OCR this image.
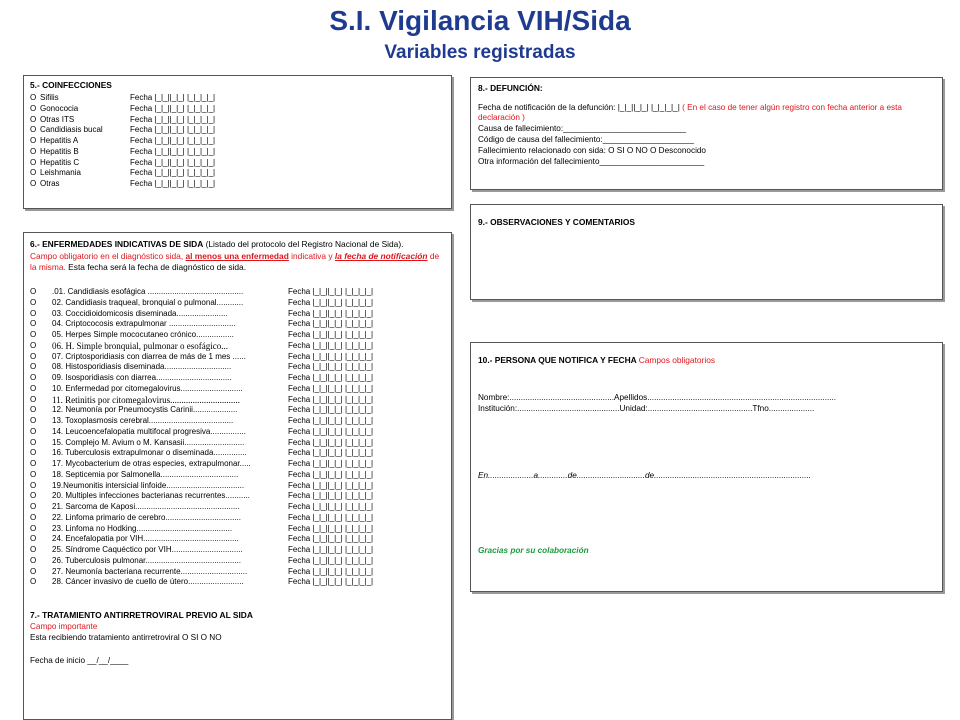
S.I. Vigilancia VIH/Sida
Variables registradas
5.- COINFECCIONES
O Sifilis	Fecha |_|_||_|_| |_|_|_|_|
O Gonococia	Fecha |_|_||_|_| |_|_|_|_|
O Otras ITS	Fecha |_|_||_|_| |_|_|_|_|
O Candidiasis bucal	Fecha |_|_||_|_| |_|_|_|_|
O Hepatitis A	Fecha |_|_||_|_| |_|_|_|_|
O Hepatitis B	Fecha |_|_||_|_| |_|_|_|_|
O Hepatitis C	Fecha |_|_||_|_| |_|_|_|_|
O Leishmania	Fecha |_|_||_|_| |_|_|_|_|
O Otras	Fecha |_|_||_|_| |_|_|_|_|
6.- ENFERMEDADES INDICATIVAS DE SIDA (Listado del protocolo del Registro Nacional de Sida).
Campo obligatorio en el diagnóstico sida, al menos una enfermedad indicativa y la fecha de notificación de la misma. Esta fecha será la fecha de diagnóstico de sida.
O	.01. Candidiasis esofágica ...........................................	Fecha |_|_||_|_| |_|_|_|_|
O	02. Candidiasis traqueal, bronquial o pulmonal............	Fecha |_|_||_|_| |_|_|_|_|
O	03. Coccidioidomicosis diseminada.......................	Fecha |_|_||_|_| |_|_|_|_|
O	04. Criptococosis extrapulmonar ..............................	Fecha |_|_||_|_| |_|_|_|_|
O	05. Herpes Simple mococutaneo crónico.................	Fecha |_|_||_|_| |_|_|_|_|
O	06. H. Simple bronquial, pulmonar o esofágico...	Fecha |_|_||_|_| |_|_|_|_|
O	07. Criptosporidiasis con diarrea de más de 1 mes ......	Fecha |_|_||_|_| |_|_|_|_|
O	08. Histosporidiasis diseminada..............................	Fecha |_|_||_|_| |_|_|_|_|
O	09. Isosporidiasis con diarrea..................................	Fecha |_|_||_|_| |_|_|_|_|
O	10. Enfermedad por citomegalovirus............................	Fecha |_|_||_|_| |_|_|_|_|
O	11. Retinitis por citomegalovirus...............................	Fecha |_|_||_|_| |_|_|_|_|
O	12. Neumonía por Pneumocystis Carinii....................	Fecha |_|_||_|_| |_|_|_|_|
O	13. Toxoplasmosis cerebral......................................	Fecha |_|_||_|_| |_|_|_|_|
O	14. Leucoencefalopatia multifocal progresiva................	Fecha |_|_||_|_| |_|_|_|_|
O	15. Complejo M. Avium o M. Kansasii...........................	Fecha |_|_||_|_| |_|_|_|_|
O	16. Tuberculosis extrapulmonar o diseminada...............	Fecha |_|_||_|_| |_|_|_|_|
O	17. Mycobacterium de otras especies, extrapulmonar.....	Fecha |_|_||_|_| |_|_|_|_|
O	18. Septicemia por Salmonella...................................	Fecha |_|_||_|_| |_|_|_|_|
O	19.Neumonitis intersicial linfoide...................................	Fecha |_|_||_|_| |_|_|_|_|
O	20. Multiples infecciones bacterianas recurrentes...........	Fecha |_|_||_|_| |_|_|_|_|
O	21. Sarcoma de Kaposi...............................................	Fecha |_|_||_|_| |_|_|_|_|
O	22. Linfoma primario de cerebro..................................	Fecha |_|_||_|_| |_|_|_|_|
O	23. Linfoma no Hodking...........................................	Fecha |_|_||_|_| |_|_|_|_|
O	24. Encefalopatia por VIH...........................................	Fecha |_|_||_|_| |_|_|_|_|
O	25. Síndrome Caquéctico por VIH................................	Fecha |_|_||_|_| |_|_|_|_|
O	26. Tuberculosis pulmonar...........................................	Fecha |_|_||_|_| |_|_|_|_|
O	27. Neumonía bacteriana recurrente..............................	Fecha |_|_||_|_| |_|_|_|_|
O	28. Cáncer invasivo de cuello de útero.........................	Fecha |_|_||_|_| |_|_|_|_|
7.- TRATAMIENTO ANTIRRETROVIRAL PREVIO AL SIDA
Campo importante
Esta recibiendo tratamiento antirretroviral O SI O NO
Fecha de inicio __/__/____
8.- DEFUNCIÓN:
Fecha de notificación de la defunción: |_|_||_|_| |_|_|_|_| ( En el caso de tener algún registro con fecha anterior a esta declaración )
Causa de fallecimiento:___________________________
Código de causa del fallecimiento:____________________
Fallecimiento relacionado con sida: O SI O NO O Desconocido
Otra información del fallecimiento_______________________
9.- OBSERVACIONES Y COMENTARIOS
10.- PERSONA QUE NOTIFICA Y FECHA Campos obligatorios
Nombre:..............................................Apellidos...................................................................................
Institución:.............................................Unidad:..............................................Tfno....................
En....................a.............de..............................de.....................................................................
Gracias por su colaboración
